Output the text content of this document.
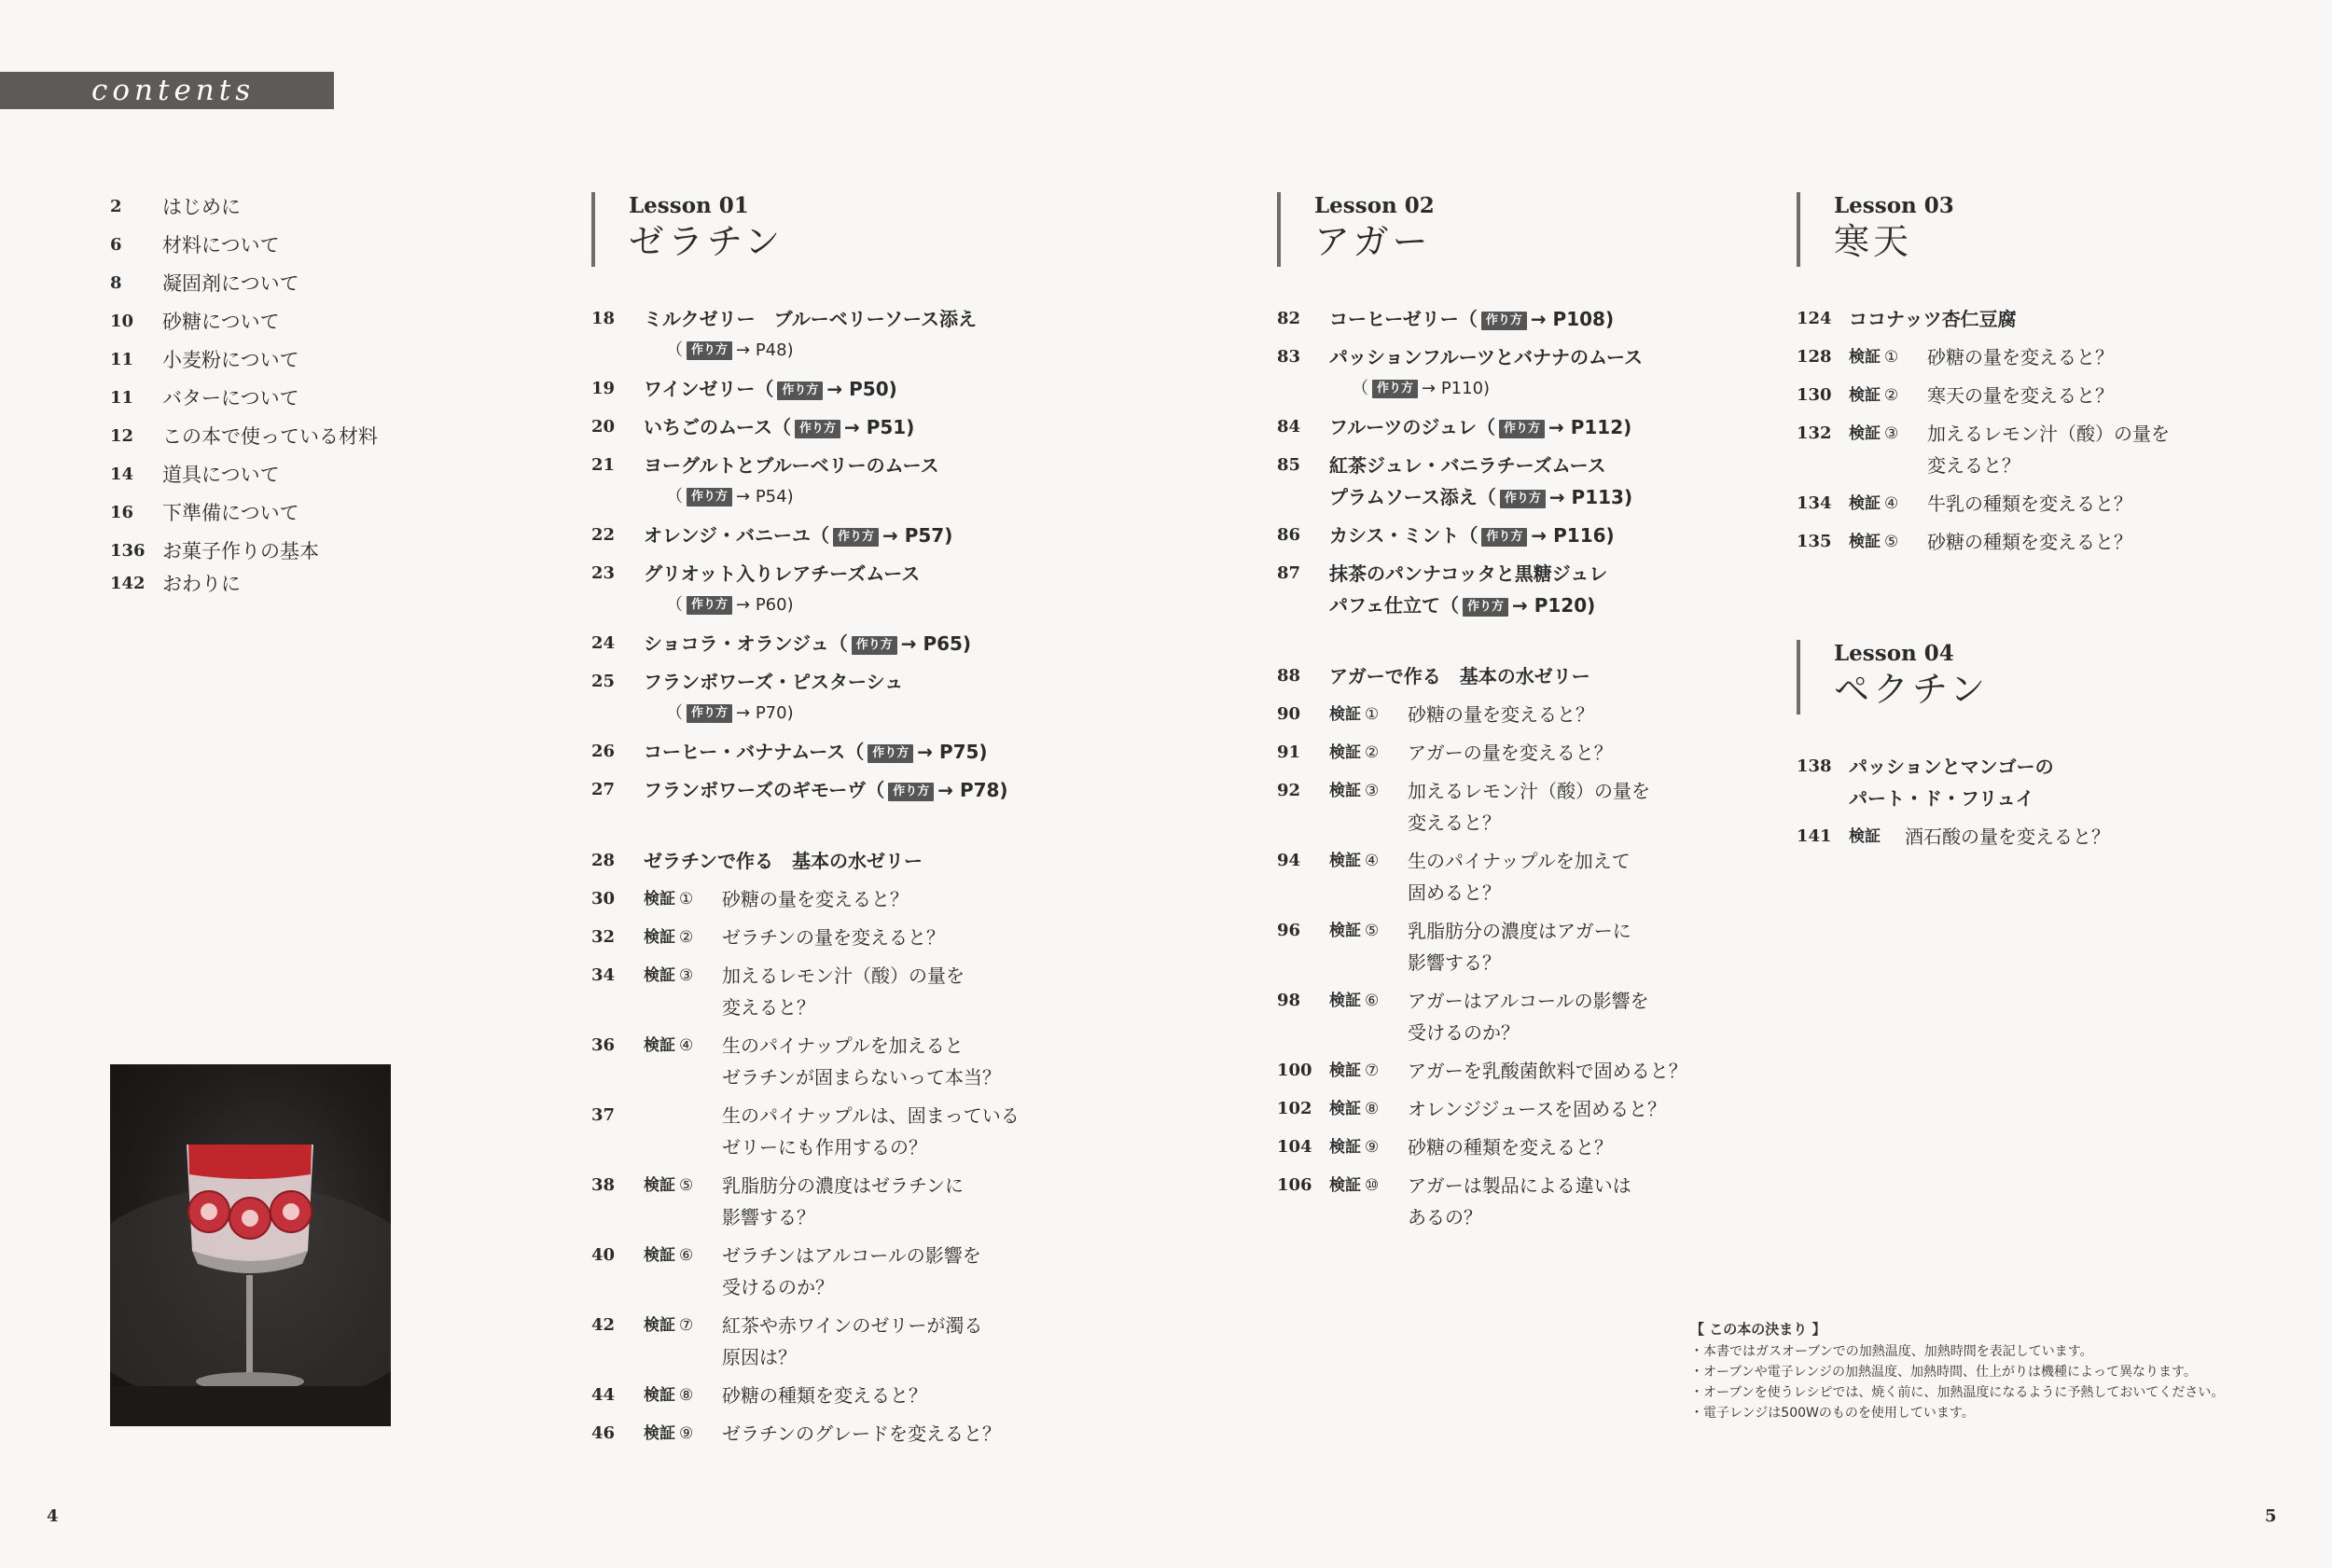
contents
2	はじめに
6	材料について
8	凝固剤について
10	砂糖について
11	小麦粉について
11	バターについて
12	この本で使っている材料
14	道具について
16	下準備について
136 お菓子作りの基本
142 おわりに
Lesson 01
ゼラチン
Lesson 02
アガー
Lesson 03
寒天
Lesson 04
ペクチン
18 ミルクゼリー　ブルーベリーソース添え
（ 作り方 → P48)
19 ワインゼリー（ 作り方 → P50)
20 いちごのムース（ 作り方 → P51)
21 ヨーグルトとブルーベリーのムース
（ 作り方 → P54)
22 オレンジ・バニーユ（ 作り方 → P57)
23 グリオット入りレアチーズムース
（ 作り方 → P60)
24 ショコラ・オランジュ（ 作り方 → P65)
25 フランボワーズ・ピスターシュ
（ 作り方 → P70)
26 コーヒー・バナナムース（ 作り方 → P75)
27 フランボワーズのギモーヴ（ 作り方 → P78)
28 ゼラチンで作る　基本の水ゼリー
30 検証 ① 砂糖の量を変えると？
32 検証 ② ゼラチンの量を変えると？
34 検証 ③ 加えるレモン汁（酸）の量を
変えると？
36 検証 ④ 生のパイナップルを加えると
ゼラチンが固まらないって本当？
37	生のパイナップルは、固まっている
ゼリーにも作用するの？
38 検証 ⑤ 乳脂肪分の濃度はゼラチンに
影響する？
40 検証 ⑥ ゼラチンはアルコールの影響を
受けるのか？
42 検証 ⑦ 紅茶や赤ワインのゼリーが濁る
原因は？
44 検証 ⑧ 砂糖の種類を変えると？
46 検証 ⑨ ゼラチンのグレードを変えると？
82 コーヒーゼリー（ 作り方 → P108)
83 パッションフルーツとバナナのムース
（ 作り方 → P110)
84 フルーツのジュレ（ 作り方 → P112)
85 紅茶ジュレ・バニラチーズムース
プラムソース添え（ 作り方 → P113)
86 カシス・ミント（ 作り方 → P116)
87 抹茶のパンナコッタと黒糖ジュレ
パフェ仕立て（ 作り方 → P120)
88 アガーで作る　基本の水ゼリー
90 検証 ① 砂糖の量を変えると？
91 検証 ② アガーの量を変えると？
92 検証 ③ 加えるレモン汁（酸）の量を
変えると？
94 検証 ④ 生のパイナップルを加えて
固めると？
96 検証 ⑤ 乳脂肪分の濃度はアガーに
影響する？
98 検証 ⑥ アガーはアルコールの影響を
受けるのか？
100 検証 ⑦ アガーを乳酸菌飲料で固めると？
102 検証 ⑧ オレンジジュースを固めると？
104 検証 ⑨ 砂糖の種類を変えると？
106 検証 ⑩ アガーは製品による違いは
あるの？
124 ココナッツ杏仁豆腐
128 検証 ① 砂糖の量を変えると？
130 検証 ② 寒天の量を変えると？
132 検証 ③ 加えるレモン汁（酸）の量を
変えると？
134 検証 ④ 牛乳の種類を変えると？
135 検証 ⑤ 砂糖の種類を変えると？
138 パッションとマンゴーの
パート・ド・フリュイ
141 検証 酒石酸の量を変えると？
【 この本の決まり 】
・本書ではガスオーブンでの加熱温度、加熱時間を表記しています。
・オーブンや電子レンジの加熱温度、加熱時間、仕上がりは機種によって異なります。
・オーブンを使うレシピでは、焼く前に、加熱温度になるように予熱しておいてください。
・電子レンジは500Wのものを使用しています。
4	5
